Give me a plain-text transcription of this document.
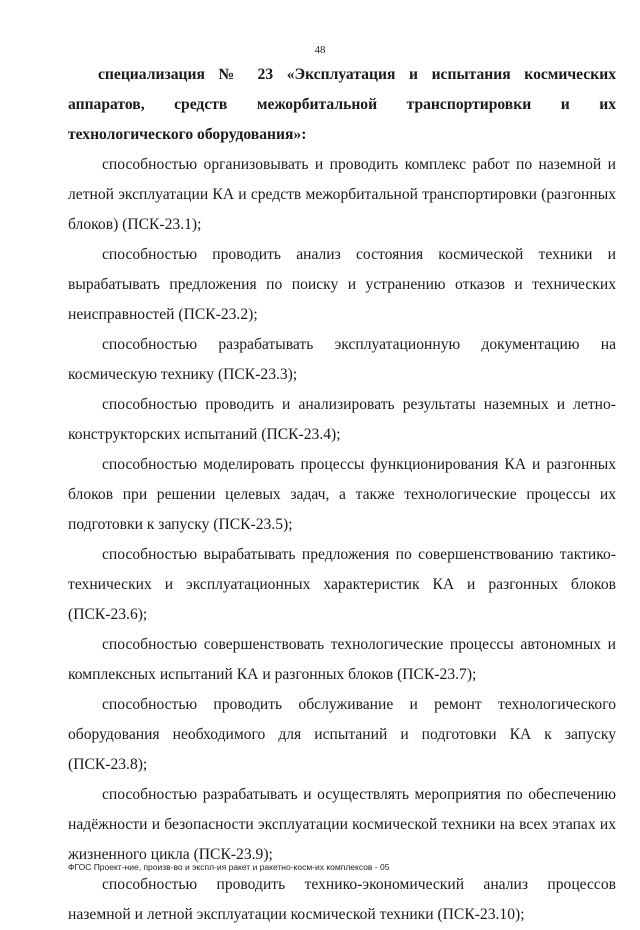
48

специализация № 23 «Эксплуатация и испытания космических аппаратов, средств межорбитальной транспортировки и их технологического оборудования»:

способностью организовывать и проводить комплекс работ по наземной и летной эксплуатации КА и средств межорбитальной транспортировки (разгонных блоков) (ПСК-23.1);

способностью проводить анализ состояния космической техники и вырабатывать предложения по поиску и устранению отказов и технических неисправностей (ПСК-23.2);

способностью разрабатывать эксплуатационную документацию на космическую технику (ПСК-23.3);

способностью проводить и анализировать результаты наземных и летно-конструкторских испытаний (ПСК-23.4);

способностью моделировать процессы функционирования КА и разгонных блоков при решении целевых задач, а также технологические процессы их подготовки к запуску (ПСК-23.5);

способностью вырабатывать предложения по совершенствованию тактико-технических и эксплуатационных характеристик КА и разгонных блоков (ПСК-23.6);

способностью совершенствовать технологические процессы автономных и комплексных испытаний КА и разгонных блоков (ПСК-23.7);

способностью проводить обслуживание и ремонт технологического оборудования необходимого для испытаний и подготовки КА к запуску (ПСК-23.8);

способностью разрабатывать и осуществлять мероприятия по обеспечению надёжности и безопасности эксплуатации космической техники на всех этапах их жизненного цикла (ПСК-23.9);

способностью проводить технико-экономический анализ процессов наземной и летной эксплуатации космической техники (ПСК-23.10);

ФГОС Проект-ние, произв-во и экспл-ия ракет и ракетно-косм-их комплексов - 05
